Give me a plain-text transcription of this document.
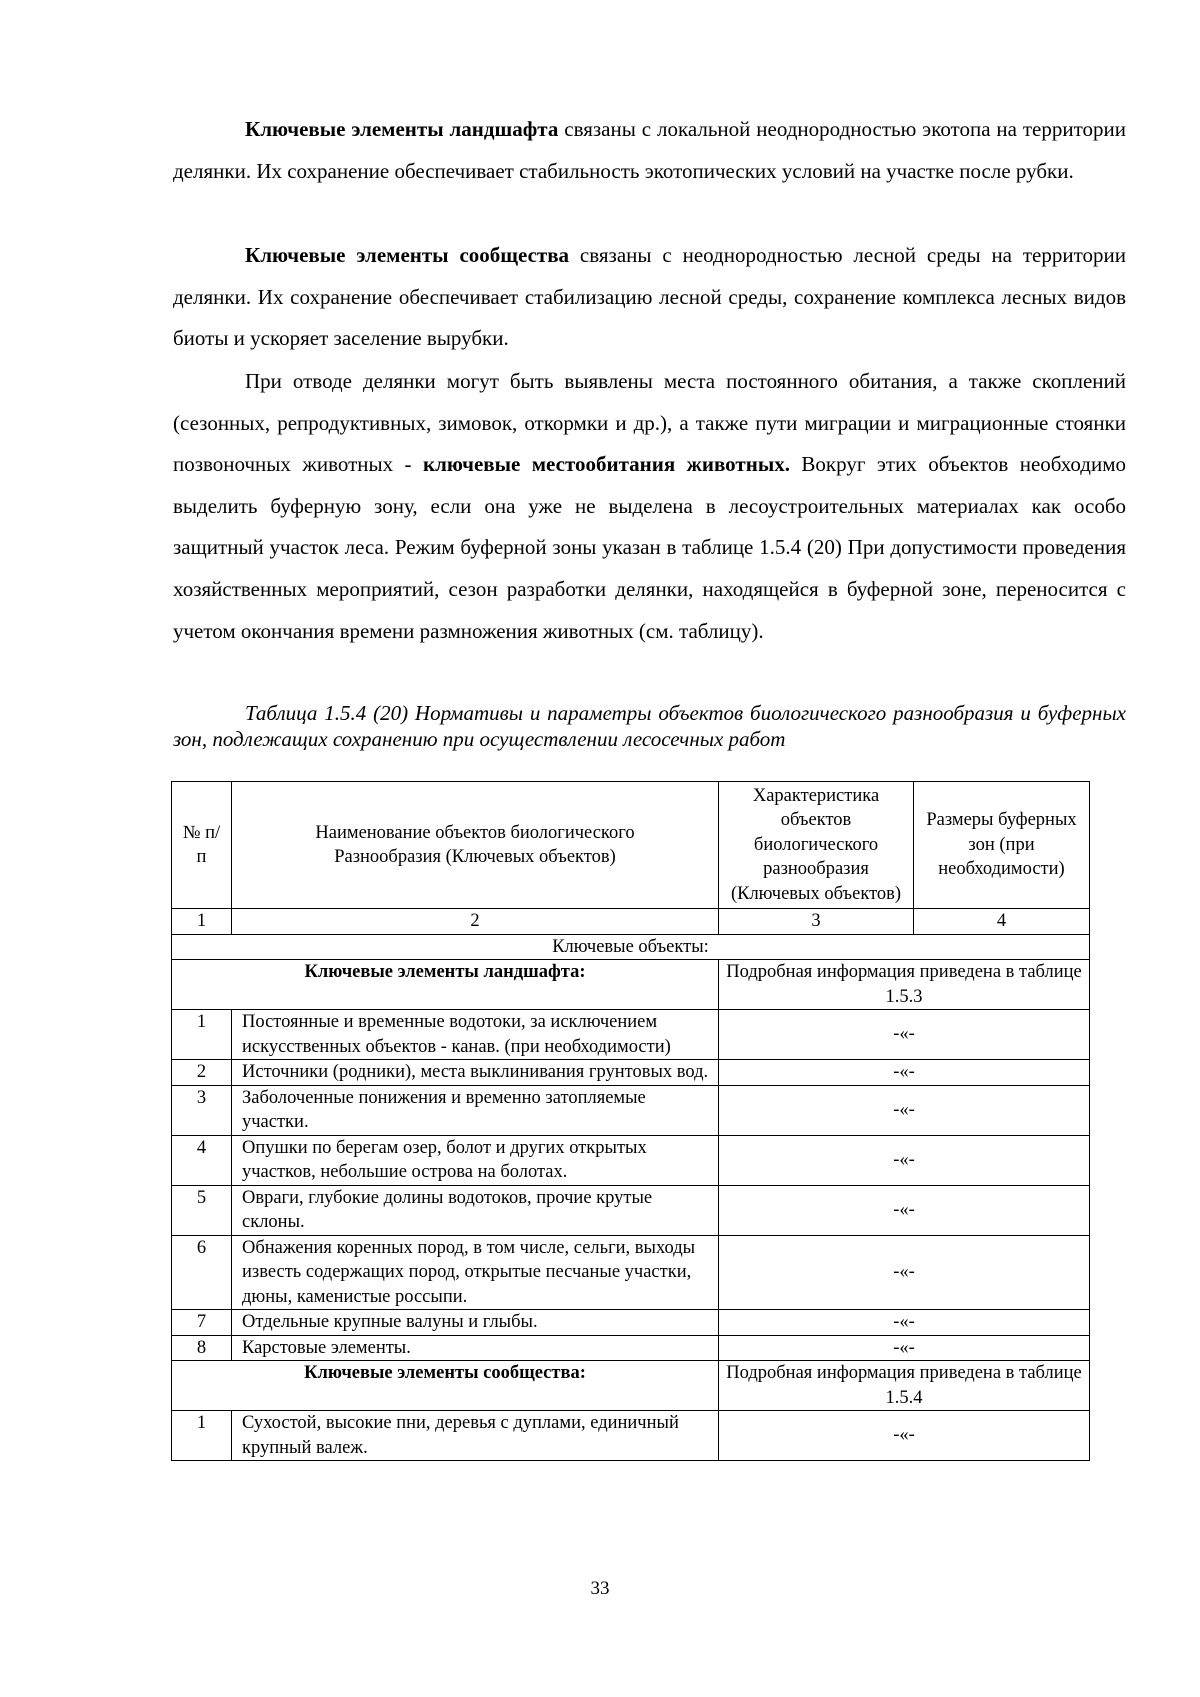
Ключевые элементы ландшафта связаны с локальной неоднородностью экотопа на территории делянки. Их сохранение обеспечивает стабильность экотопических условий на участке после рубки.

Ключевые элементы сообщества связаны с неоднородностью лесной среды на территории делянки. Их сохранение обеспечивает стабилизацию лесной среды, сохранение комплекса лесных видов биоты и ускоряет заселение вырубки.

При отводе делянки могут быть выявлены места постоянного обитания, а также скоплений (сезонных, репродуктивных, зимовок, откормки и др.), а также пути миграции и миграционные стоянки позвоночных животных - ключевые местообитания животных. Вокруг этих объектов необходимо выделить буферную зону, если она уже не выделена в лесоустроительных материалах как особо защитный участок леса. Режим буферной зоны указан в таблице 1.5.4 (20) При допустимости проведения хозяйственных мероприятий, сезон разработки делянки, находящейся в буферной зоне, переносится с учетом окончания времени размножения животных (см. таблицу).

Таблица 1.5.4 (20) Нормативы и параметры объектов биологического разнообразия и буферных зон, подлежащих сохранению при осуществлении лесосечных работ

№ п/п	Наименование объектов биологического Разнообразия (Ключевых объектов)	Характеристика объектов биологического разнообразия (Ключевых объектов)	Размеры буферных зон (при необходимости)
1	2	3	4
Ключевые объекты:			
Ключевые элементы ландшафта:		Подробная информация приведена в таблице 1.5.3	
1	Постоянные и временные водотоки, за исключением искусственных объектов - канав. (при необходимости)	-«-	
2	Источники (родники), места выклинивания грунтовых вод.	-«-	
3	Заболоченные понижения и временно затопляемые участки.	-«-	
4	Опушки по берегам озер, болот и других открытых участков, небольшие острова на болотах.	-«-	
5	Овраги, глубокие долины водотоков, прочие крутые склоны.	-«-	
6	Обнажения коренных пород, в том числе, сельги, выходы известь содержащих пород, открытые песчаные участки, дюны, каменистые россыпи.	-«-	
7	Отдельные крупные валуны и глыбы.	-«-	
8	Карстовые элементы.	-«-	
Ключевые элементы сообщества:		Подробная информация приведена в таблице 1.5.4	
1	Сухостой, высокие пни, деревья с дуплами, единичный крупный валеж.	-«-	
33
